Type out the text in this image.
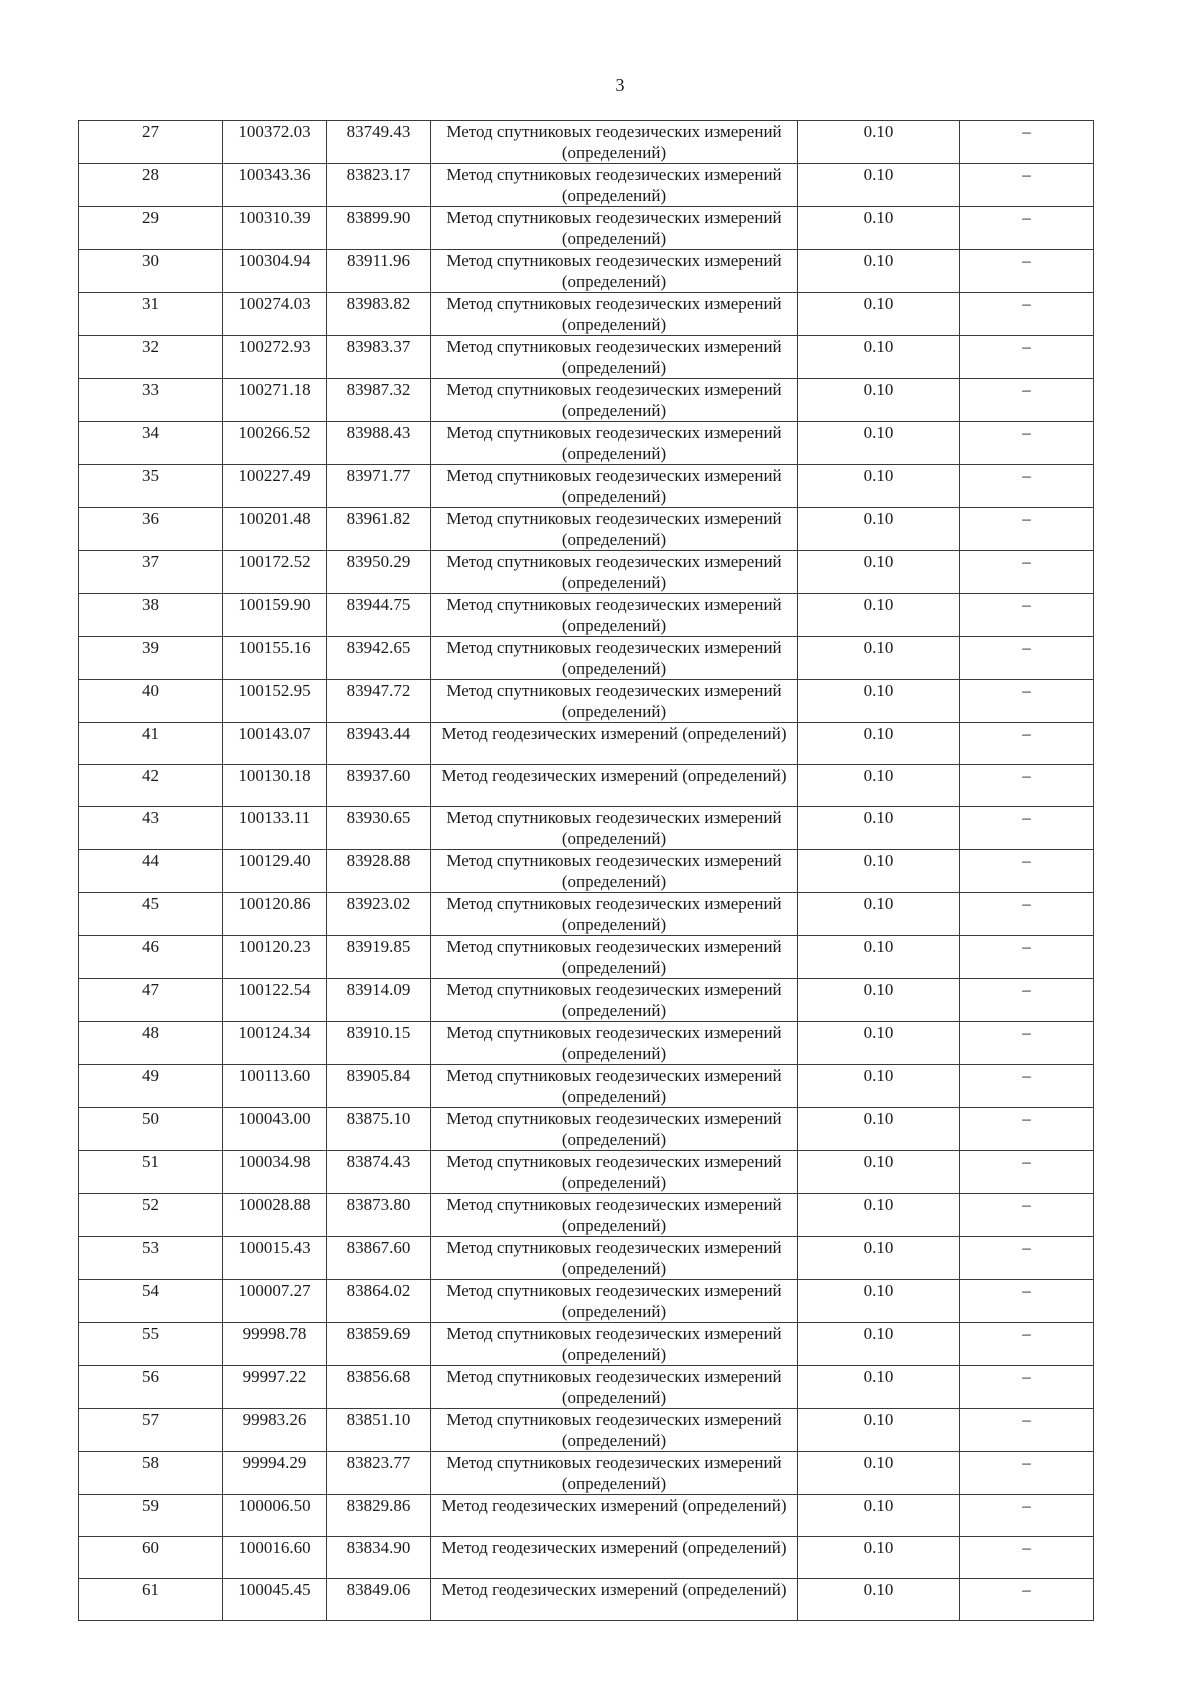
3
27	100372.03	83749.43	Метод спутниковых геодезических измерений (определений)	0.10	–
28	100343.36	83823.17	Метод спутниковых геодезических измерений (определений)	0.10	–
29	100310.39	83899.90	Метод спутниковых геодезических измерений (определений)	0.10	–
30	100304.94	83911.96	Метод спутниковых геодезических измерений (определений)	0.10	–
31	100274.03	83983.82	Метод спутниковых геодезических измерений (определений)	0.10	–
32	100272.93	83983.37	Метод спутниковых геодезических измерений (определений)	0.10	–
33	100271.18	83987.32	Метод спутниковых геодезических измерений (определений)	0.10	–
34	100266.52	83988.43	Метод спутниковых геодезических измерений (определений)	0.10	–
35	100227.49	83971.77	Метод спутниковых геодезических измерений (определений)	0.10	–
36	100201.48	83961.82	Метод спутниковых геодезических измерений (определений)	0.10	–
37	100172.52	83950.29	Метод спутниковых геодезических измерений (определений)	0.10	–
38	100159.90	83944.75	Метод спутниковых геодезических измерений (определений)	0.10	–
39	100155.16	83942.65	Метод спутниковых геодезических измерений (определений)	0.10	–
40	100152.95	83947.72	Метод спутниковых геодезических измерений (определений)	0.10	–
41	100143.07	83943.44	Метод геодезических измерений (определений)	0.10	–
42	100130.18	83937.60	Метод геодезических измерений (определений)	0.10	–
43	100133.11	83930.65	Метод спутниковых геодезических измерений (определений)	0.10	–
44	100129.40	83928.88	Метод спутниковых геодезических измерений (определений)	0.10	–
45	100120.86	83923.02	Метод спутниковых геодезических измерений (определений)	0.10	–
46	100120.23	83919.85	Метод спутниковых геодезических измерений (определений)	0.10	–
47	100122.54	83914.09	Метод спутниковых геодезических измерений (определений)	0.10	–
48	100124.34	83910.15	Метод спутниковых геодезических измерений (определений)	0.10	–
49	100113.60	83905.84	Метод спутниковых геодезических измерений (определений)	0.10	–
50	100043.00	83875.10	Метод спутниковых геодезических измерений (определений)	0.10	–
51	100034.98	83874.43	Метод спутниковых геодезических измерений (определений)	0.10	–
52	100028.88	83873.80	Метод спутниковых геодезических измерений (определений)	0.10	–
53	100015.43	83867.60	Метод спутниковых геодезических измерений (определений)	0.10	–
54	100007.27	83864.02	Метод спутниковых геодезических измерений (определений)	0.10	–
55	99998.78	83859.69	Метод спутниковых геодезических измерений (определений)	0.10	–
56	99997.22	83856.68	Метод спутниковых геодезических измерений (определений)	0.10	–
57	99983.26	83851.10	Метод спутниковых геодезических измерений (определений)	0.10	–
58	99994.29	83823.77	Метод спутниковых геодезических измерений (определений)	0.10	–
59	100006.50	83829.86	Метод геодезических измерений (определений)	0.10	–
60	100016.60	83834.90	Метод геодезических измерений (определений)	0.10	–
61	100045.45	83849.06	Метод геодезических измерений (определений)	0.10	–
